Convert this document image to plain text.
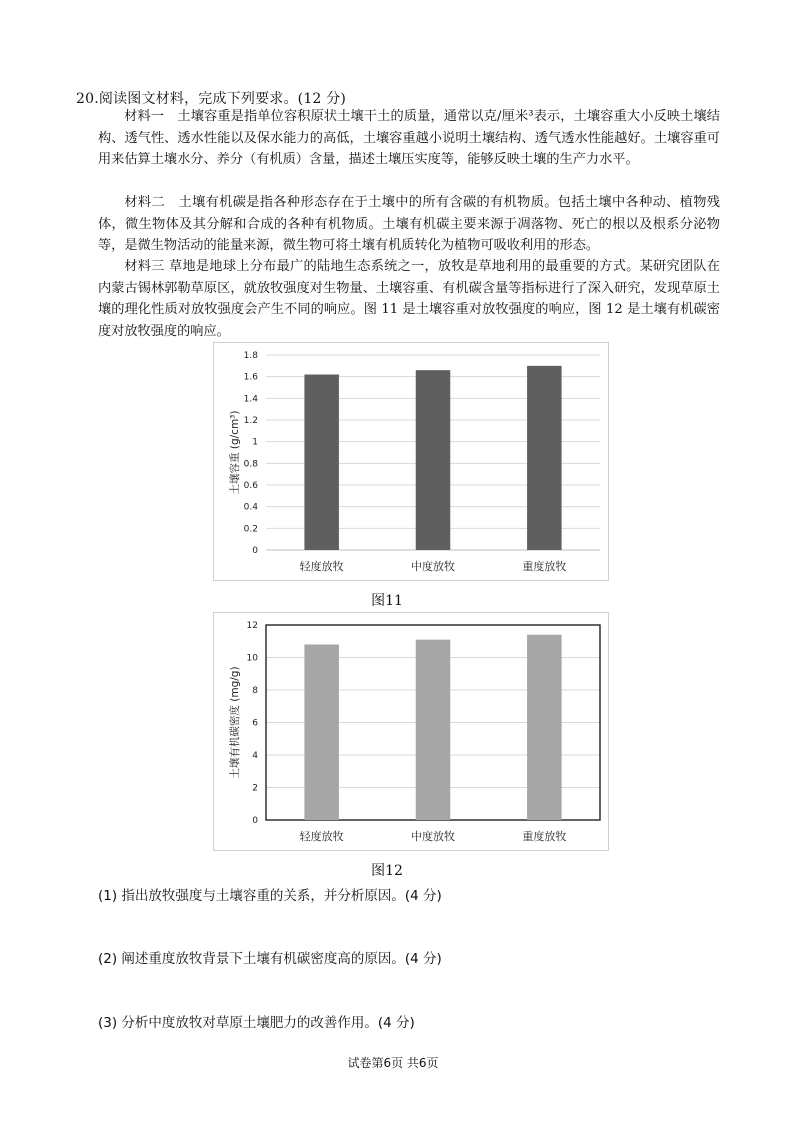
20.阅读图文材料，完成下列要求。(12 分)

材料一　土壤容重是指单位容积原状土壤干土的质量，通常以克/厘米³表示，土壤容重大小反映土壤结构、透气性、透水性能以及保水能力的高低，土壤容重越小说明土壤结构、透气透水性能越好。土壤容重可用来估算土壤水分、养分（有机质）含量，描述土壤压实度等，能够反映土壤的生产力水平。

材料二　土壤有机碳是指各种形态存在于土壤中的所有含碳的有机物质。包括土壤中各种动、植物残体，微生物体及其分解和合成的各种有机物质。土壤有机碳主要来源于凋落物、死亡的根以及根系分泌物等，是微生物活动的能量来源，微生物可将土壤有机质转化为植物可吸收利用的形态。

材料三 草地是地球上分布最广的陆地生态系统之一，放牧是草地利用的最重要的方式。某研究团队在内蒙古锡林郭勒草原区，就放牧强度对生物量、土壤容重、有机碳含量等指标进行了深入研究，发现草原土壤的理化性质对放牧强度会产生不同的响应。图 11 是土壤容重对放牧强度的响应，图 12 是土壤有机碳密度对放牧强度的响应。

0
0.2
0.4
0.6
0.8
1
1.2
1.4
1.6
1.8
轻度放牧	中度放牧	重度放牧
土壤容重 (g/cm³)
图11
0
2
4
6
8
10
12
轻度放牧	中度放牧	重度放牧
土壤有机碳密度 (mg/g)
图12
(1) 指出放牧强度与土壤容重的关系，并分析原因。(4 分)
(2) 阐述重度放牧背景下土壤有机碳密度高的原因。(4 分)
(3) 分析中度放牧对草原土壤肥力的改善作用。(4 分)
试卷第6页 共6页
